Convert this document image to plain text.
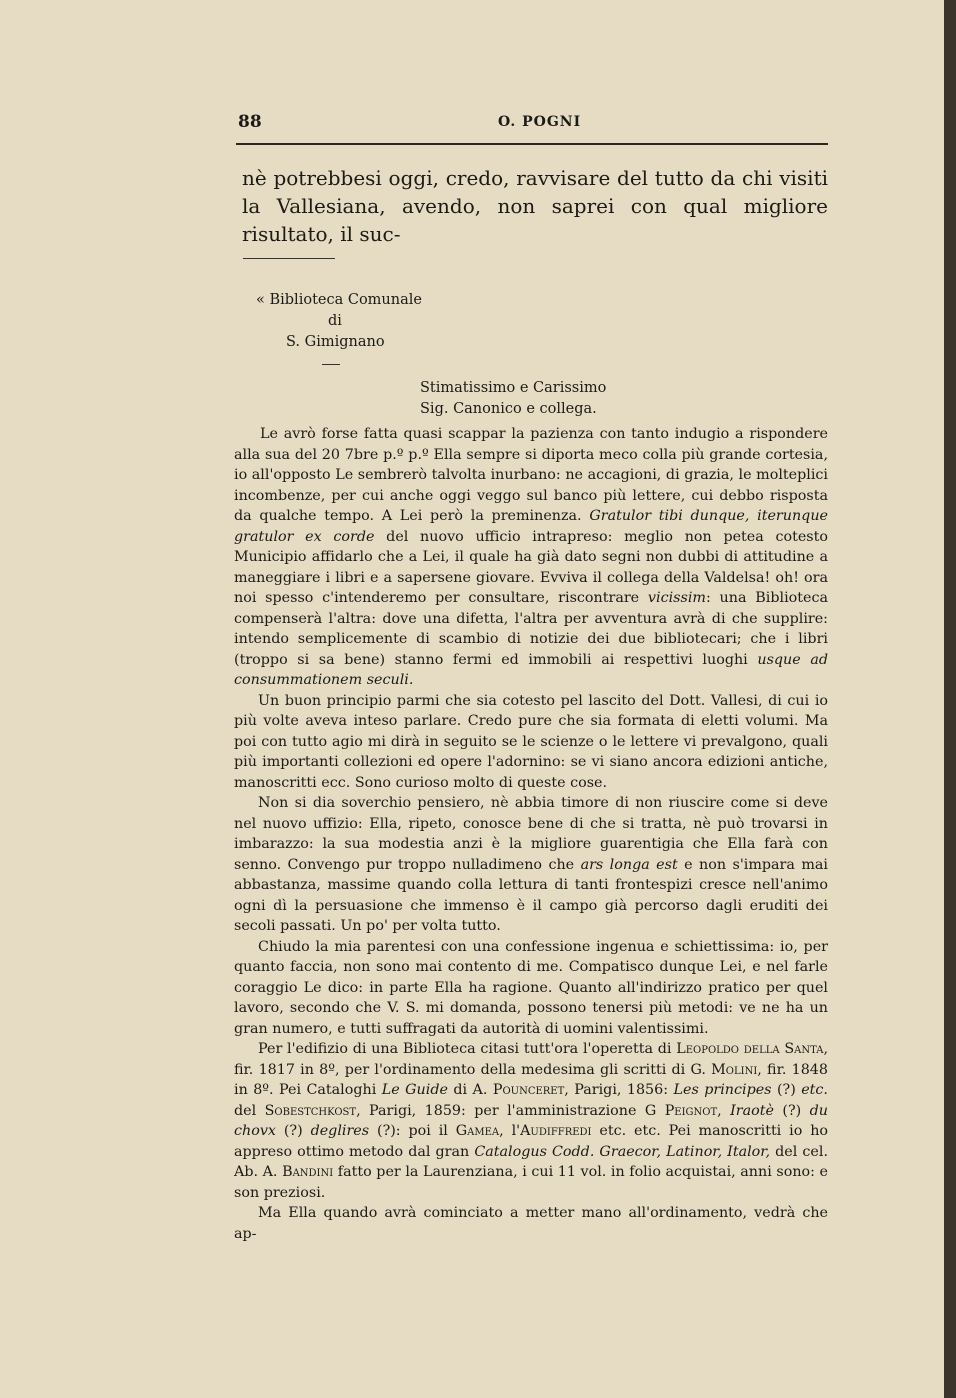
88	O. POGNI

nè potrebbesi oggi, credo, ravvisare del tutto da chi visiti la Vallesiana, avendo, non saprei con qual migliore risultato, il suc-

« Biblioteca Comunale
di
S. Gimignano
Stimatissimo e Carissimo
Sig. Canonico e collega.

Le avrò forse fatta quasi scappar la pazienza con tanto indugio a rispondere alla sua del 20 7bre p.º p.º Ella sempre si diporta meco colla più grande cortesia, io all'opposto Le sembrerò talvolta inurbano: ne accagioni, di grazia, le molteplici incombenze, per cui anche oggi veggo sul banco più lettere, cui debbo risposta da qualche tempo. A Lei però la preminenza. Gratulor tibi dunque, iterunque gratulor ex corde del nuovo ufficio intrapreso: meglio non petea cotesto Municipio affidarlo che a Lei, il quale ha già dato segni non dubbi di attitudine a maneggiare i libri e a sapersene giovare. Evviva il collega della Valdelsa! oh! ora noi spesso c'intenderemo per consultare, riscontrare vicissim: una Biblioteca compenserà l'altra: dove una difetta, l'altra per avventura avrà di che supplire: intendo semplicemente di scambio di notizie dei due bibliotecari; che i libri (troppo si sa bene) stanno fermi ed immobili ai respettivi luoghi usque ad consummationem seculi.

Un buon principio parmi che sia cotesto pel lascito del Dott. Vallesi, di cui io più volte aveva inteso parlare. Credo pure che sia formata di eletti volumi. Ma poi con tutto agio mi dirà in seguito se le scienze o le lettere vi prevalgono, quali più importanti collezioni ed opere l'adornino: se vi siano ancora edizioni antiche, manoscritti ecc. Sono curioso molto di queste cose.

Non si dia soverchio pensiero, nè abbia timore di non riuscire come si deve nel nuovo uffizio: Ella, ripeto, conosce bene di che si tratta, nè può trovarsi in imbarazzo: la sua modestia anzi è la migliore guarentigia che Ella farà con senno. Convengo pur troppo nulladimeno che ars longa est e non s'impara mai abbastanza, massime quando colla lettura di tanti frontespizi cresce nell'animo ogni dì la persuasione che immenso è il campo già percorso dagli eruditi dei secoli passati. Un po' per volta tutto.

Chiudo la mia parentesi con una confessione ingenua e schiettissima: io, per quanto faccia, non sono mai contento di me. Compatisco dunque Lei, e nel farle coraggio Le dico: in parte Ella ha ragione. Quanto all'indirizzo pratico per quel lavoro, secondo che V. S. mi domanda, possono tenersi più metodi: ve ne ha un gran numero, e tutti suffragati da autorità di uomini valentissimi.

Per l'edifizio di una Biblioteca citasi tutt'ora l'operetta di Leopoldo della Santa, fir. 1817 in 8º, per l'ordinamento della medesima gli scritti di G. Molini, fir. 1848 in 8º. Pei Cataloghi Le Guide di A. Pounceret, Parigi, 1856: Les principes (?) etc. del Sobestchkost, Parigi, 1859: per l'amministrazione G Peignot, Iraotè (?) du chovx (?) deglires (?): poi il Gamea, l'Audiffredi etc. etc. Pei manoscritti io ho appreso ottimo metodo dal gran Catalogus Codd. Graecor, Latinor, Italor, del cel. Ab. A. Bandini fatto per la Laurenziana, i cui 11 vol. in folio acquistai, anni sono: e son preziosi.

Ma Ella quando avrà cominciato a metter mano all'ordinamento, vedrà che ap-
